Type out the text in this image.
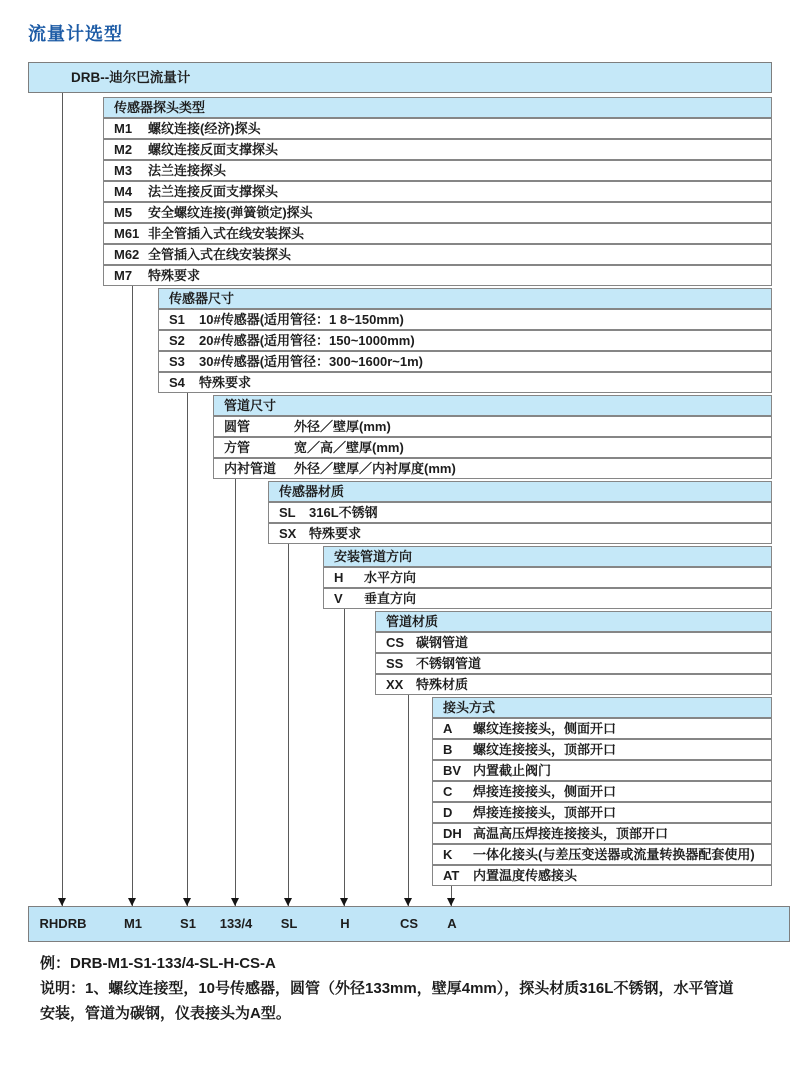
流量计选型
DRB--迪尔巴流量计
传感器探头类型
M1 螺纹连接(经济)探头
M2 螺纹连接反面支撑探头
M3 法兰连接探头
M4 法兰连接反面支撑探头
M5 安全螺纹连接(弹簧锁定)探头
M61 非全管插入式在线安装探头
M62 全管插入式在线安装探头
M7 特殊要求
传感器尺寸
S1 10#传感器(适用管径：1 8~150mm)
S2 20#传感器(适用管径：150~1000mm)
S3 30#传感器(适用管径：300~1600r~1m)
S4 特殊要求
管道尺寸
圆管	外径／壁厚(mm)
方管	宽／高／壁厚(mm)
内衬管道 外径／壁厚／内衬厚度(mm)
传感器材质
SL 316L不锈钢
SX 特殊要求
安装管道方向
H 水平方向
V 垂直方向
管道材质
CS 碳钢管道
SS 不锈钢管道
XX 特殊材质
接头方式
A 螺纹连接接头，侧面开口
B 螺纹连接接头，顶部开口
BV 内置截止阀门
C 焊接连接接头，侧面开口
D 焊接连接接头，顶部开口
DH 高温高压焊接连接接头，顶部开口
K 一体化接头(与差压变送器或流量转换器配套使用)
AT 内置温度传感接头
RHDRB	M1	S1 133/4 SL	H	CS A
例：DRB-M1-S1-133/4-SL-H-CS-A
说明：1、螺纹连接型，10号传感器，圆管（外径133mm，壁厚4mm），探头材质316L不锈钢，水平管道
安装，管道为碳钢，仪表接头为A型。
